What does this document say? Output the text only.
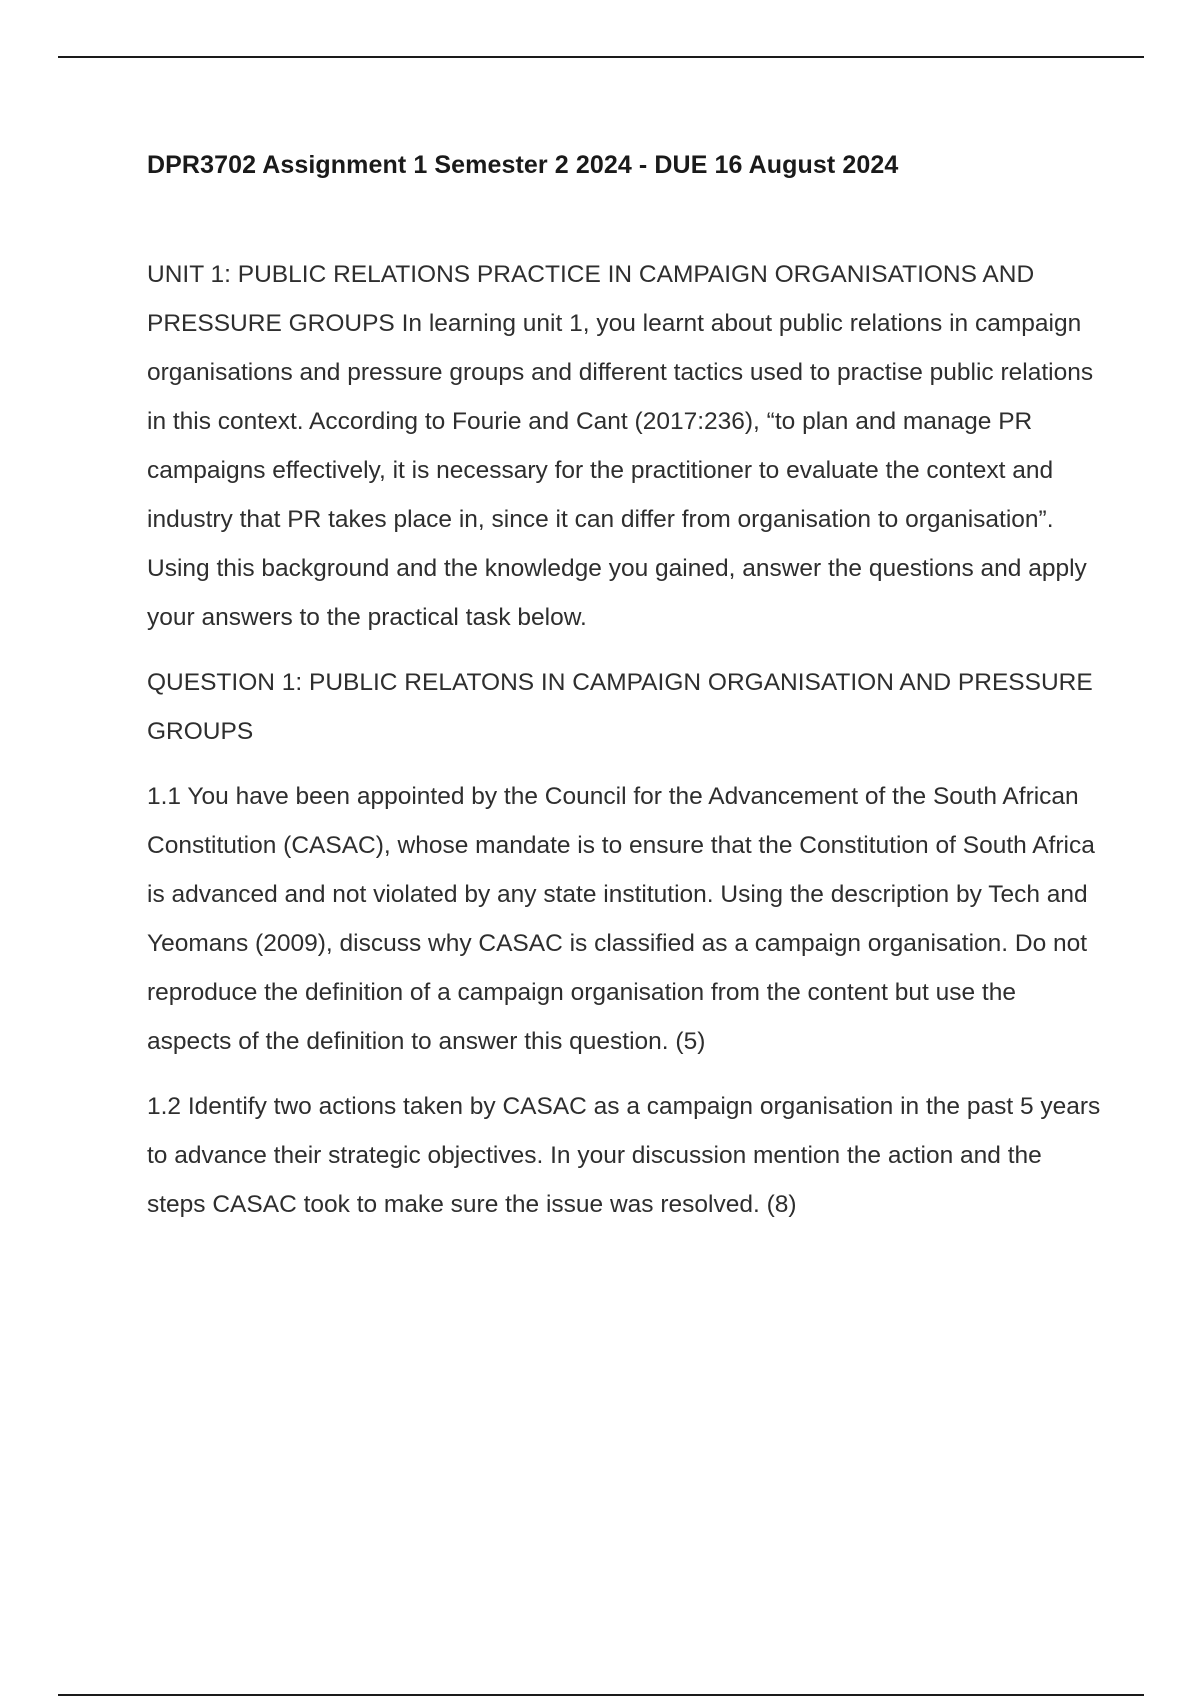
DPR3702 Assignment 1 Semester 2 2024 - DUE 16 August 2024

UNIT 1: PUBLIC RELATIONS PRACTICE IN CAMPAIGN ORGANISATIONS AND PRESSURE GROUPS In learning unit 1, you learnt about public relations in campaign organisations and pressure groups and different tactics used to practise public relations in this context. According to Fourie and Cant (2017:236), “to plan and manage PR campaigns effectively, it is necessary for the practitioner to evaluate the context and industry that PR takes place in, since it can differ from organisation to organisation”. Using this background and the knowledge you gained, answer the questions and apply your answers to the practical task below.

QUESTION 1: PUBLIC RELATONS IN CAMPAIGN ORGANISATION AND PRESSURE GROUPS

1.1 You have been appointed by the Council for the Advancement of the South African Constitution (CASAC), whose mandate is to ensure that the Constitution of South Africa is advanced and not violated by any state institution. Using the description by Tech and Yeomans (2009), discuss why CASAC is classified as a campaign organisation. Do not reproduce the definition of a campaign organisation from the content but use the aspects of the definition to answer this question. (5)

1.2 Identify two actions taken by CASAC as a campaign organisation in the past 5 years to advance their strategic objectives. In your discussion mention the action and the steps CASAC took to make sure the issue was resolved. (8)
